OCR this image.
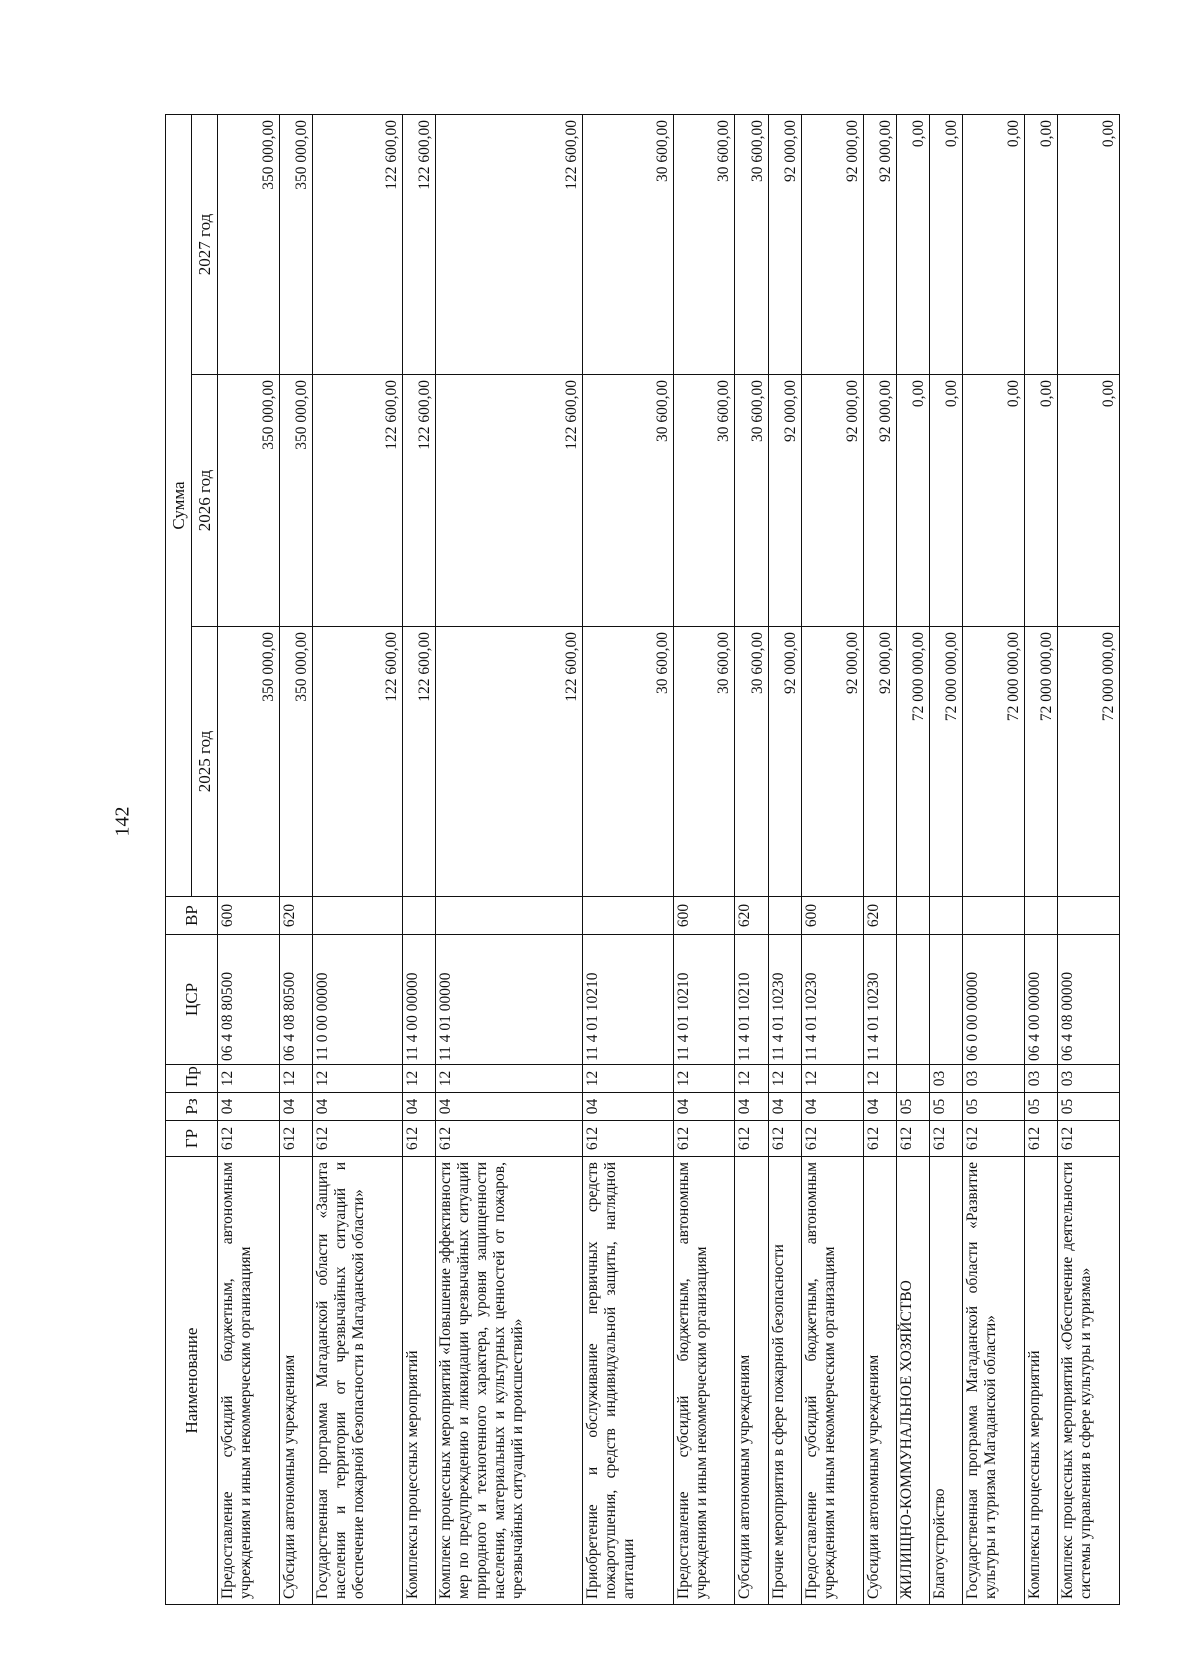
142
Наименование	ГР	Рз	Пр	ЦСР	ВР	Сумма		
						2025 год	2026 год	2027 год
Предоставление субсидий бюджетным, автономным учреждениям и иным некоммерческим организациям	612	04	12	06 4 08 80500	600	350 000,00	350 000,00	350 000,00
Субсидии автономным учреждениям	612	04	12	06 4 08 80500	620	350 000,00	350 000,00	350 000,00
Государственная программа Магаданской области «Защита населения и территории от чрезвычайных ситуаций и обеспечение пожарной безопасности в Магаданской области»	612	04	12	11 0 00 00000		122 600,00	122 600,00	122 600,00
Комплексы процессных мероприятий	612	04	12	11 4 00 00000		122 600,00	122 600,00	122 600,00
Комплекс процессных мероприятий «Повышение эффективности мер по предупреждению и ликвидации чрезвычайных ситуаций природного и техногенного характера, уровня защищенности населения, материальных и культурных ценностей от пожаров, чрезвычайных ситуаций и происшествий»	612	04	12	11 4 01 00000		122 600,00	122 600,00	122 600,00
Приобретение и обслуживание первичных средств пожаротушения, средств индивидуальной защиты, наглядной агитации	612	04	12	11 4 01 10210		30 600,00	30 600,00	30 600,00
Предоставление субсидий бюджетным, автономным учреждениям и иным некоммерческим организациям	612	04	12	11 4 01 10210	600	30 600,00	30 600,00	30 600,00
Субсидии автономным учреждениям	612	04	12	11 4 01 10210	620	30 600,00	30 600,00	30 600,00
Прочие мероприятия в сфере пожарной безопасности	612	04	12	11 4 01 10230		92 000,00	92 000,00	92 000,00
Предоставление субсидий бюджетным, автономным учреждениям и иным некоммерческим организациям	612	04	12	11 4 01 10230	600	92 000,00	92 000,00	92 000,00
Субсидии автономным учреждениям	612	04	12	11 4 01 10230	620	92 000,00	92 000,00	92 000,00
ЖИЛИЩНО-КОММУНАЛЬНОЕ ХОЗЯЙСТВО	612	05				72 000 000,00	0,00	0,00
Благоустройство	612	05	03			72 000 000,00	0,00	0,00
Государственная программа Магаданской области «Развитие культуры и туризма Магаданской области»	612	05	03	06 0 00 00000		72 000 000,00	0,00	0,00
Комплексы процессных мероприятий	612	05	03	06 4 00 00000		72 000 000,00	0,00	0,00
Комплекс процессных мероприятий «Обеспечение деятельности системы управления в сфере культуры и туризма»	612	05	03	06 4 08 00000		72 000 000,00	0,00	0,00
